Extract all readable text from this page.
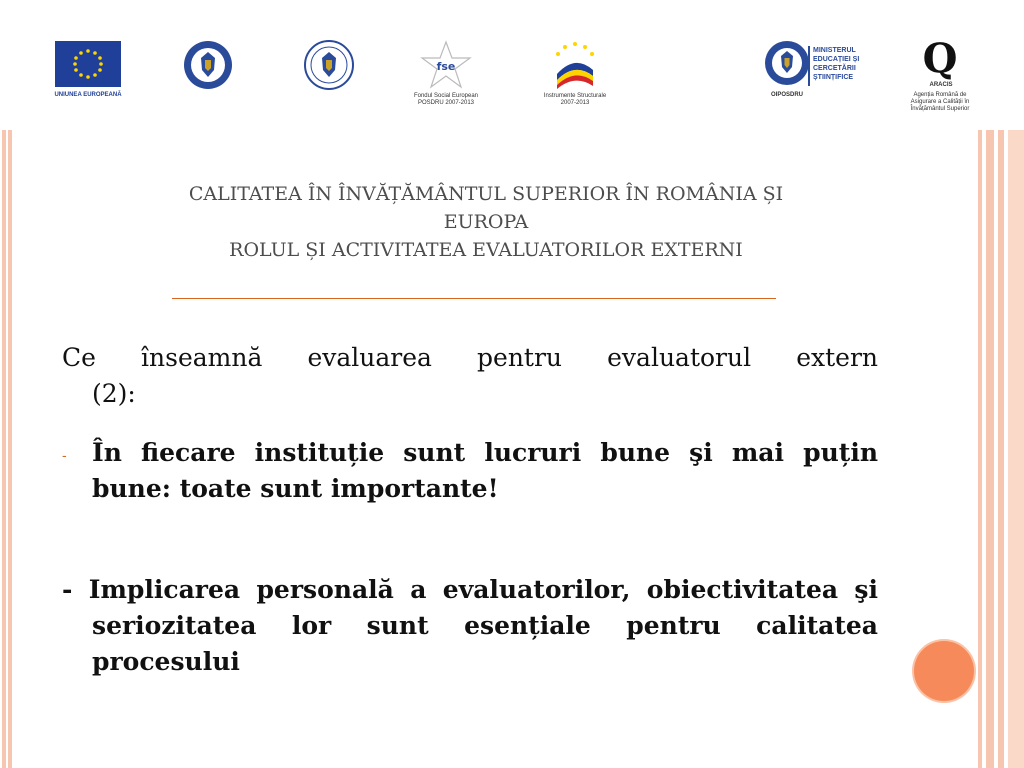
UNIUNEA EUROPEANĂ
fse
Fondul Social European
POSDRU 2007-2013
Instrumente Structurale
2007-2013
OIPOSDRU
MINISTERUL
EDUCAȚIEI ȘI
CERCETĂRII
ȘTIINȚIFICE Q
ARACIS
Agenția Română de
Asigurare a Calității în
Învățământul Superior
CALITATEA ÎN ÎNVĂȚĂMÂNTUL SUPERIOR ÎN ROMÂNIA ȘI
EUROPA
ROLUL ȘI ACTIVITATEA EVALUATORILOR EXTERNI
Ce înseamnă evaluarea pentru evaluatorul extern
(2):
- În fiecare instituție sunt lucruri bune şi mai puțin bune: toate sunt importante!
- Implicarea personală a evaluatorilor, obiectivitatea şi seriozitatea lor sunt esențiale pentru calitatea procesului
